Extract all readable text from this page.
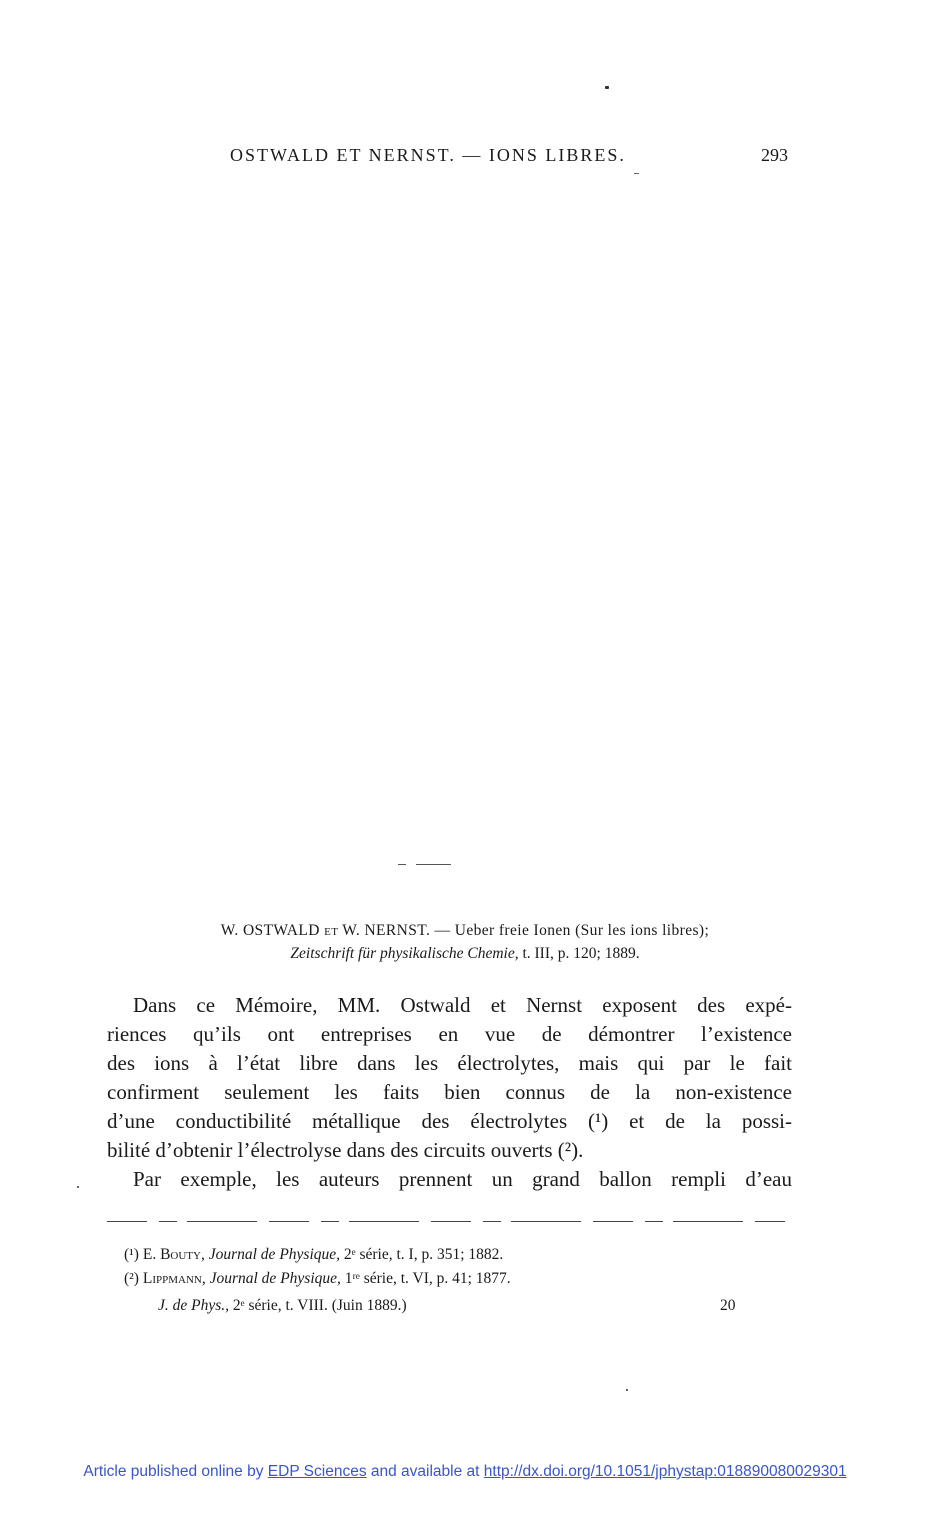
OSTWALD ET NERNST. — IONS LIBRES.	293
W. OSTWALD et W. NERNST. — Ueber freie Ionen (Sur les ions libres);
Zeitschrift für physikalische Chemie, t. III, p. 120; 1889.
Dans ce Mémoire, MM. Ostwald et Nernst exposent des expé-
riences qu’ils ont entreprises en vue de démontrer l’existence
des ions à l’état libre dans les électrolytes, mais qui par le fait
confirment seulement les faits bien connus de la non-existence
d’une conductibilité métallique des électrolytes (¹) et de la possi-
bilité d’obtenir l’électrolyse dans des circuits ouverts (²).
Par exemple, les auteurs prennent un grand ballon rempli d’eau
(¹) E. Bouty, Journal de Physique, 2ᵉ série, t. I, p. 351; 1882.
(²) Lippmann, Journal de Physique, 1ʳᵉ série, t. VI, p. 41; 1877.
J. de Phys., 2ᵉ série, t. VIII. (Juin 1889.)	20
Article published online by EDP Sciences and available at http://dx.doi.org/10.1051/jphystap:018890080029301
